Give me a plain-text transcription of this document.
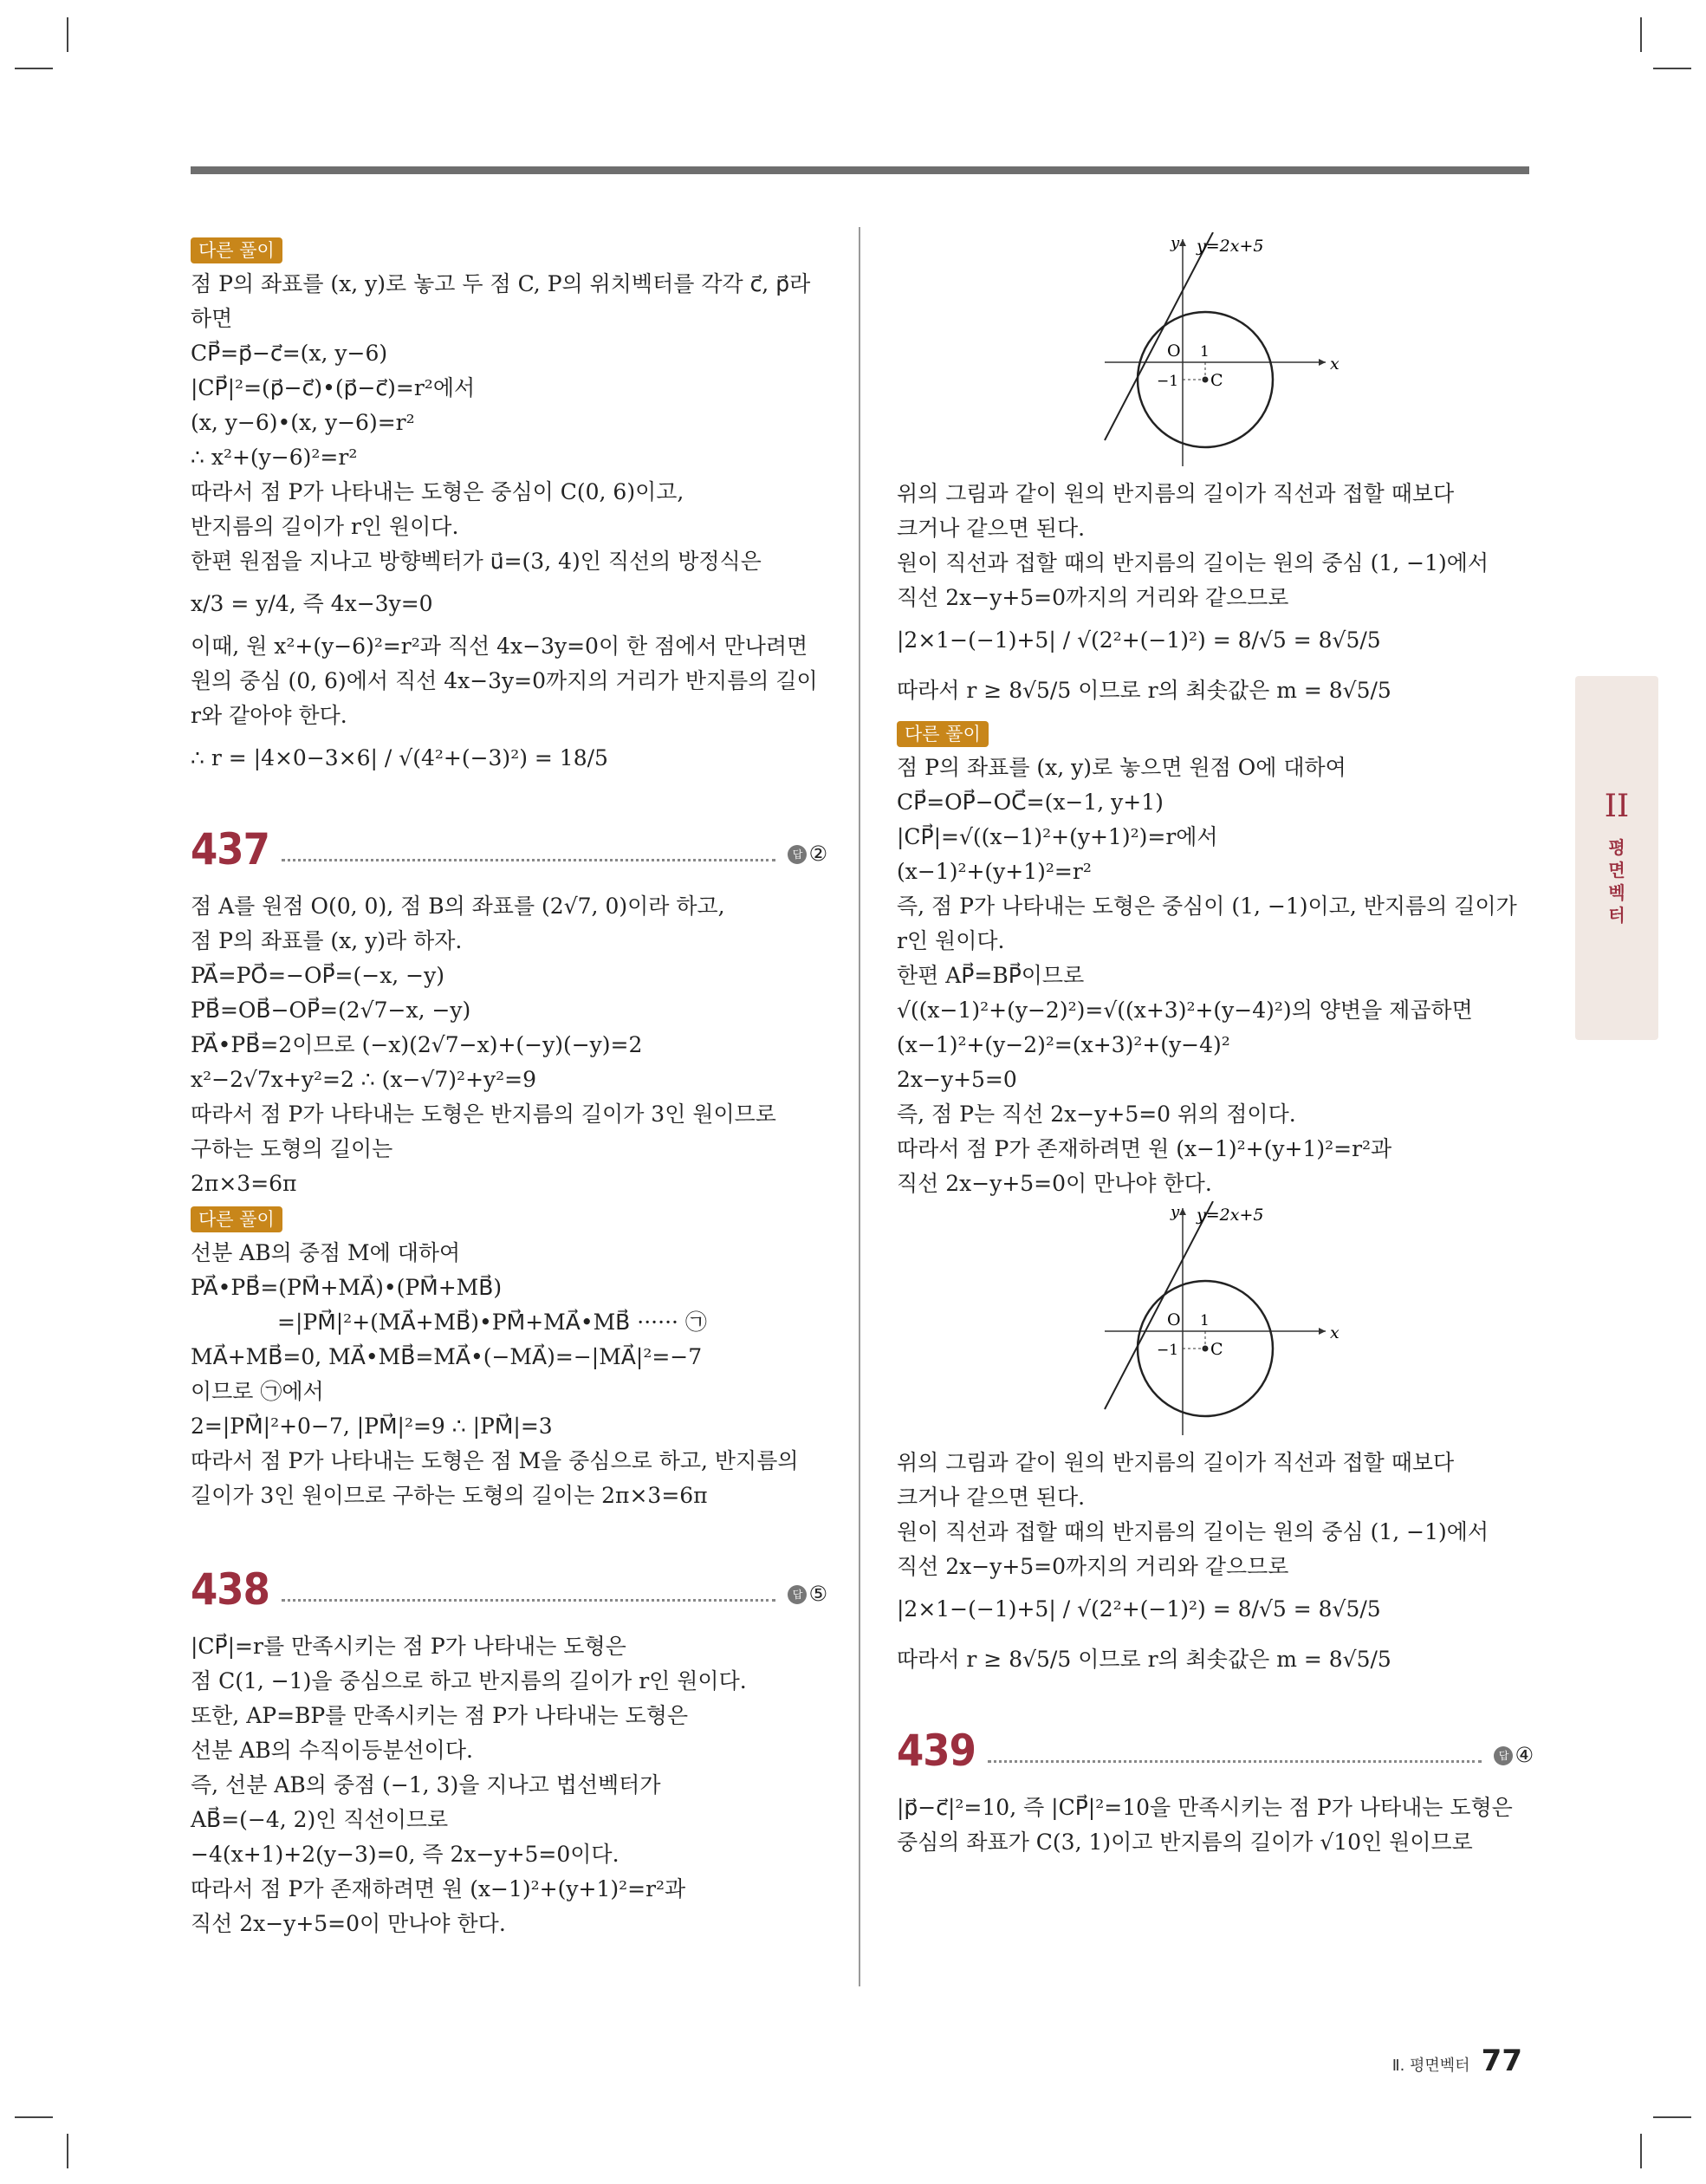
다른 풀이

점 P의 좌표를 (x, y)로 놓고 두 점 C, P의 위치벡터를 각각 c⃗, p⃗라

하면

CP⃗=p⃗−c⃗=(x, y−6)

|CP⃗|²=(p⃗−c⃗)•(p⃗−c⃗)=r²에서

(x, y−6)•(x, y−6)=r²

∴ x²+(y−6)²=r²

따라서 점 P가 나타내는 도형은 중심이 C(0, 6)이고,

반지름의 길이가 r인 원이다.

한편 원점을 지나고 방향벡터가 u⃗=(3, 4)인 직선의 방정식은

x/3 = y/4, 즉 4x−3y=0

이때, 원 x²+(y−6)²=r²과 직선 4x−3y=0이 한 점에서 만나려면

원의 중심 (0, 6)에서 직선 4x−3y=0까지의 거리가 반지름의 길이

r와 같아야 한다.

∴ r = |4×0−3×6| / √(4²+(−3)²) = 18/5

437	답 ②

점 A를 원점 O(0, 0), 점 B의 좌표를 (2√7, 0)이라 하고,

점 P의 좌표를 (x, y)라 하자.

PA⃗=PO⃗=−OP⃗=(−x, −y)

PB⃗=OB⃗−OP⃗=(2√7−x, −y)

PA⃗•PB⃗=2이므로 (−x)(2√7−x)+(−y)(−y)=2

x²−2√7x+y²=2 ∴ (x−√7)²+y²=9

따라서 점 P가 나타내는 도형은 반지름의 길이가 3인 원이므로

구하는 도형의 길이는

2π×3=6π

다른 풀이

선분 AB의 중점 M에 대하여

PA⃗•PB⃗=(PM⃗+MA⃗)•(PM⃗+MB⃗)

=|PM⃗|²+(MA⃗+MB⃗)•PM⃗+MA⃗•MB⃗ ······ ㉠

MA⃗+MB⃗=0, MA⃗•MB⃗=MA⃗•(−MA⃗)=−|MA⃗|²=−7

이므로 ㉠에서

2=|PM⃗|²+0−7, |PM⃗|²=9 ∴ |PM⃗|=3

따라서 점 P가 나타내는 도형은 점 M을 중심으로 하고, 반지름의

길이가 3인 원이므로 구하는 도형의 길이는 2π×3=6π

438	답 ⑤

|CP⃗|=r를 만족시키는 점 P가 나타내는 도형은

점 C(1, −1)을 중심으로 하고 반지름의 길이가 r인 원이다.

또한, AP=BP를 만족시키는 점 P가 나타내는 도형은

선분 AB의 수직이등분선이다.

즉, 선분 AB의 중점 (−1, 3)을 지나고 법선벡터가

AB⃗=(−4, 2)인 직선이므로

−4(x+1)+2(y−3)=0, 즉 2x−y+5=0이다.

따라서 점 P가 존재하려면 원 (x−1)²+(y+1)²=r²과

직선 2x−y+5=0이 만나야 한다.

y=2x+5
y
x
O 1
−1 C

위의 그림과 같이 원의 반지름의 길이가 직선과 접할 때보다

크거나 같으면 된다.

원이 직선과 접할 때의 반지름의 길이는 원의 중심 (1, −1)에서

직선 2x−y+5=0까지의 거리와 같으므로

|2×1−(−1)+5| / √(2²+(−1)²) = 8/√5 = 8√5/5

따라서 r ≥ 8√5/5 이므로 r의 최솟값은 m = 8√5/5

다른 풀이

점 P의 좌표를 (x, y)로 놓으면 원점 O에 대하여

CP⃗=OP⃗−OC⃗=(x−1, y+1)

|CP⃗|=√((x−1)²+(y+1)²)=r에서

(x−1)²+(y+1)²=r²

즉, 점 P가 나타내는 도형은 중심이 (1, −1)이고, 반지름의 길이가

r인 원이다.

한편 AP⃗=BP⃗이므로

√((x−1)²+(y−2)²)=√((x+3)²+(y−4)²)의 양변을 제곱하면

(x−1)²+(y−2)²=(x+3)²+(y−4)²

2x−y+5=0

즉, 점 P는 직선 2x−y+5=0 위의 점이다.

따라서 점 P가 존재하려면 원 (x−1)²+(y+1)²=r²과

직선 2x−y+5=0이 만나야 한다.

y=2x+5
y
x
O 1
−1 C

위의 그림과 같이 원의 반지름의 길이가 직선과 접할 때보다

크거나 같으면 된다.

원이 직선과 접할 때의 반지름의 길이는 원의 중심 (1, −1)에서

직선 2x−y+5=0까지의 거리와 같으므로

|2×1−(−1)+5| / √(2²+(−1)²) = 8/√5 = 8√5/5

따라서 r ≥ 8√5/5 이므로 r의 최솟값은 m = 8√5/5

439	답 ④

|p⃗−c⃗|²=10, 즉 |CP⃗|²=10을 만족시키는 점 P가 나타내는 도형은

중심의 좌표가 C(3, 1)이고 반지름의 길이가 √10인 원이므로

II
평
면
벡
터
Ⅱ. 평면벡터 77
